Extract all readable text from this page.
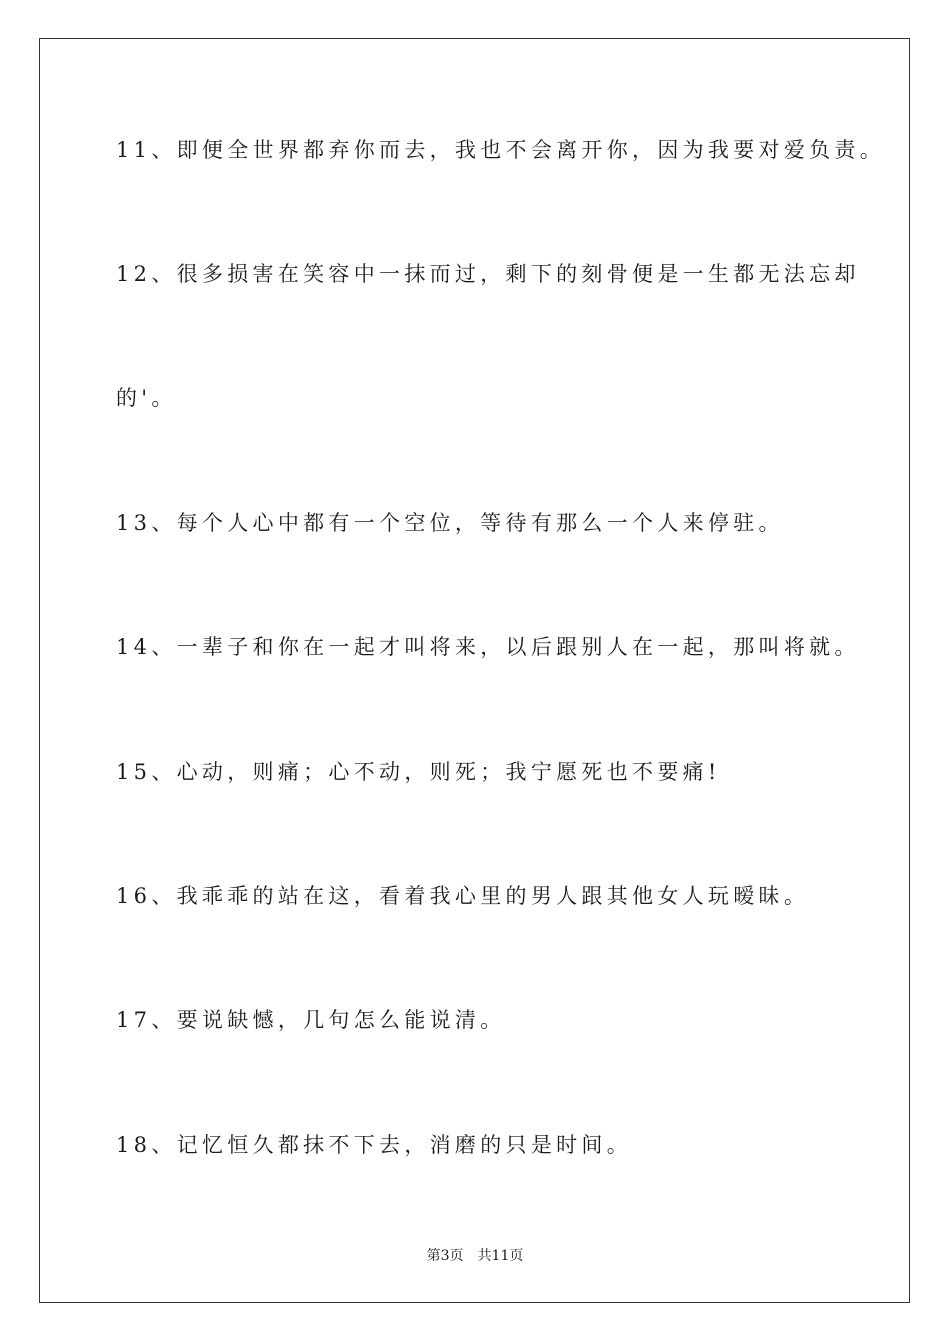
11、即便全世界都弃你而去，我也不会离开你，因为我要对爱负责。
12、很多损害在笑容中一抹而过，剩下的刻骨便是一生都无法忘却
的'。
13、每个人心中都有一个空位，等待有那么一个人来停驻。
14、一辈子和你在一起才叫将来，以后跟别人在一起，那叫将就。
15、心动，则痛；心不动，则死；我宁愿死也不要痛!
16、我乖乖的站在这，看着我心里的男人跟其他女人玩暧昧。
17、要说缺憾，几句怎么能说清。
18、记忆恒久都抹不下去，消磨的只是时间。
第3页 共11页
